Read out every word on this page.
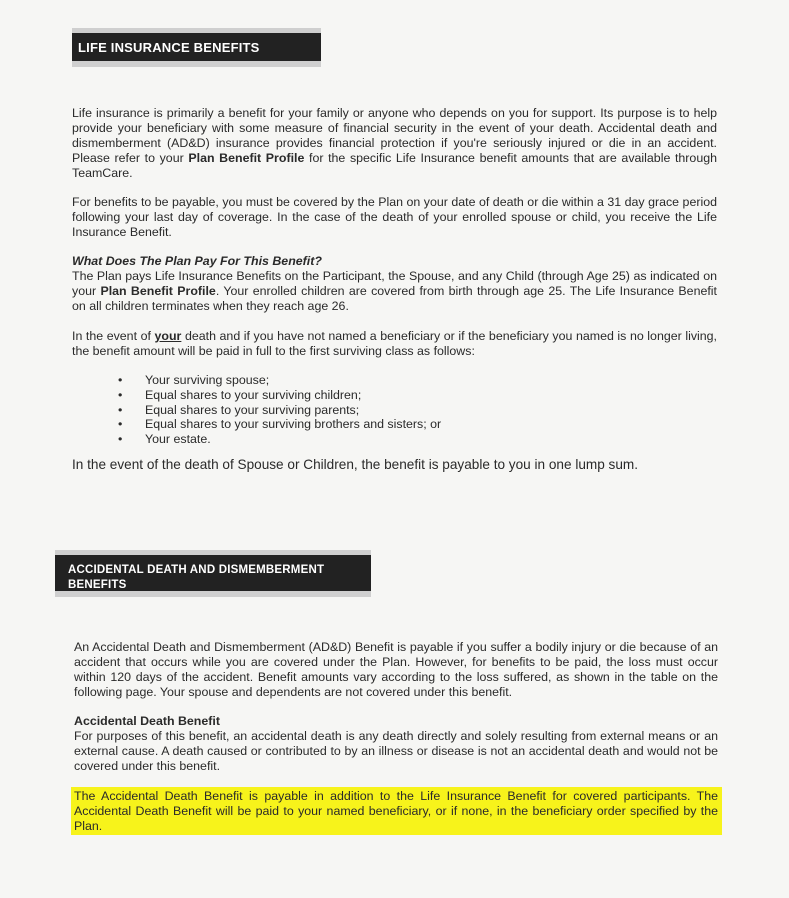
LIFE INSURANCE BENEFITS
Life insurance is primarily a benefit for your family or anyone who depends on you for support. Its purpose is to help provide your beneficiary with some measure of financial security in the event of your death. Accidental death and dismemberment (AD&D) insurance provides financial protection if you're seriously injured or die in an accident. Please refer to your Plan Benefit Profile for the specific Life Insurance benefit amounts that are available through TeamCare.
For benefits to be payable, you must be covered by the Plan on your date of death or die within a 31 day grace period following your last day of coverage. In the case of the death of your enrolled spouse or child, you receive the Life Insurance Benefit.
What Does The Plan Pay For This Benefit?
The Plan pays Life Insurance Benefits on the Participant, the Spouse, and any Child (through Age 25) as indicated on your Plan Benefit Profile. Your enrolled children are covered from birth through age 25. The Life Insurance Benefit on all children terminates when they reach age 26.
In the event of your death and if you have not named a beneficiary or if the beneficiary you named is no longer living, the benefit amount will be paid in full to the first surviving class as follows:
• Your surviving spouse;
• Equal shares to your surviving children;
• Equal shares to your surviving parents;
• Equal shares to your surviving brothers and sisters; or
• Your estate.
In the event of the death of Spouse or Children, the benefit is payable to you in one lump sum.
ACCIDENTAL DEATH AND DISMEMBERMENT BENEFITS
An Accidental Death and Dismemberment (AD&D) Benefit is payable if you suffer a bodily injury or die because of an accident that occurs while you are covered under the Plan. However, for benefits to be paid, the loss must occur within 120 days of the accident. Benefit amounts vary according to the loss suffered, as shown in the table on the following page. Your spouse and dependents are not covered under this benefit.
Accidental Death Benefit
For purposes of this benefit, an accidental death is any death directly and solely resulting from external means or an external cause. A death caused or contributed to by an illness or disease is not an accidental death and would not be covered under this benefit.
The Accidental Death Benefit is payable in addition to the Life Insurance Benefit for covered participants. The Accidental Death Benefit will be paid to your named beneficiary, or if none, in the beneficiary order specified by the Plan.
